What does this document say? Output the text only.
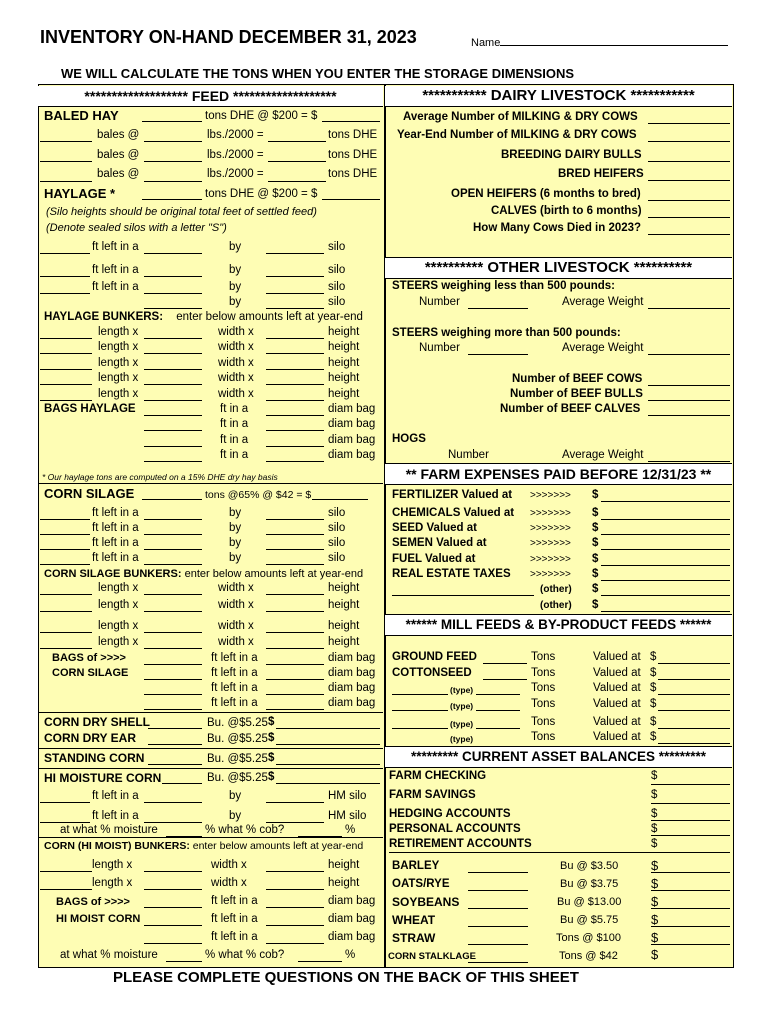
INVENTORY ON-HAND DECEMBER 31, 2023	Name
WE WILL CALCULATE THE TONS WHEN YOU ENTER THE STORAGE DIMENSIONS
******************* FEED *******************	*********** DAIRY LIVESTOCK ***********
BALED HAY	tons DHE @ $200 = $
bales @	lbs./2000 =	tons DHE
bales @	lbs./2000 =	tons DHE
bales @	lbs./2000 =	tons DHE
HAYLAGE *	tons DHE @ $200 = $
(Silo heights should be original total feet of settled feed)
(Denote sealed silos with a letter "S")
ft left in a	by	silo
ft left in a	by	silo
ft left in a	by	silo
by	silo
HAYLAGE BUNKERS: enter below amounts left at year-end
length x	width x	height
length x	width x	height
length x	width x	height
length x	width x	height
length x	width x	height
BAGS HAYLAGE	ft in a	diam bag
ft in a	diam bag
ft in a	diam bag
ft in a	diam bag
* Our haylage tons are computed on a 15% DHE dry hay basis
CORN SILAGE	tons @65% @ $42 = $
ft left in a	by	silo
ft left in a	by	silo
ft left in a	by	silo
ft left in a	by	silo
CORN SILAGE BUNKERS: enter below amounts left at year-end
length x	width x	height
length x	width x	height
length x	width x	height
length x	width x	height
BAGS of >>>>
CORN SILAGE
ft left in a	diam bag
ft left in a	diam bag
ft left in a	diam bag
ft left in a	diam bag
CORN DRY SHELL	Bu. @$5.25 $
CORN DRY EAR	Bu. @$5.25 $
STANDING CORN	Bu. @$5.25 $
HI MOISTURE CORN	Bu. @$5.25 $
ft left in a	by	HM silo
ft left in a	by	HM silo
at what % moisture	% what % cob?	%
CORN (HI MOIST) BUNKERS: enter below amounts left at year-end
length x	width x	height
length x	width x	height
BAGS of >>>>
HI MOIST CORN
ft left in a	diam bag
ft left in a	diam bag
ft left in a	diam bag
at what % moisture	% what % cob?	%
Average Number of MILKING & DRY COWS
Year-End Number of MILKING & DRY COWS
BREEDING DAIRY BULLS
BRED HEIFERS
OPEN HEIFERS (6 months to bred)
CALVES (birth to 6 months)
How Many Cows Died in 2023?
********** OTHER LIVESTOCK **********
STEERS weighing less than 500 pounds:
Number	Average Weight
STEERS weighing more than 500 pounds:
Number	Average Weight
Number of BEEF COWS
Number of BEEF BULLS
Number of BEEF CALVES
HOGS
Number	Average Weight
** FARM EXPENSES PAID BEFORE 12/31/23 **
FERTILIZER Valued at >>>>>>> $
CHEMICALS Valued at >>>>>>> $
SEED Valued at	>>>>>>> $
SEMEN Valued at	>>>>>>> $
FUEL Valued at	>>>>>>> $
REAL ESTATE TAXES >>>>>>> $
(other) $
(other) $
****** MILL FEEDS & BY-PRODUCT FEEDS ******
GROUND FEED	Tons	Valued at $
COTTONSEED	Tons	Valued at $
(type)	Tons	Valued at $
(type)	Tons	Valued at $
(type)	Tons	Valued at $
(type)	Tons	Valued at $
********* CURRENT ASSET BALANCES *********
FARM CHECKING	$
FARM SAVINGS	$
HEDGING ACCOUNTS	$
PERSONAL ACCOUNTS	$
RETIREMENT ACCOUNTS	$
BARLEY	Bu @ $3.50	$
OATS/RYE	Bu @ $3.75	$
SOYBEANS	Bu @ $13.00 $
WHEAT	Bu @ $5.75	$
STRAW	Tons @ $100 $
CORN STALKLAGE	Tons @ $42	$
PLEASE COMPLETE QUESTIONS ON THE BACK OF THIS SHEET
